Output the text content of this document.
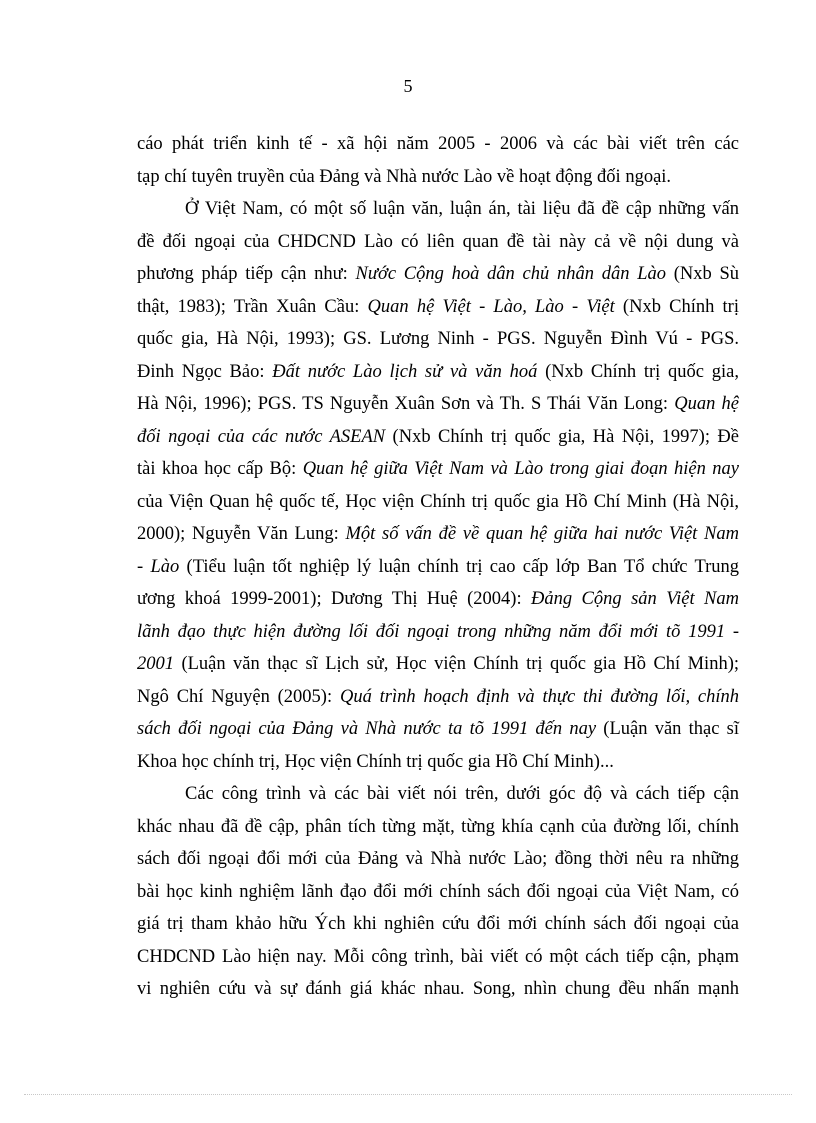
5
cáo phát triển kinh tế - xã hội năm 2005 - 2006 và các bài viết trên các
tạp chí tuyên truyền của Đảng và Nhà nước Lào về hoạt động đối ngoại.
Ở Việt Nam, có một số luận văn, luận án, tài liệu đã đề cập những vấn
đề đối ngoại của CHDCND Lào có liên quan đề tài này cả về nội dung và
phương pháp tiếp cận như: Nước Cộng hoà dân chủ nhân dân Lào (Nxb Sù
thật, 1983); Trần Xuân Cầu: Quan hệ Việt - Lào, Lào - Việt (Nxb Chính trị
quốc gia, Hà Nội, 1993); GS. Lương Ninh - PGS. Nguyễn Đình Vú - PGS.
Đinh Ngọc Bảo: Đất nước Lào lịch sử và văn hoá (Nxb Chính trị quốc gia,
Hà Nội, 1996); PGS. TS Nguyễn Xuân Sơn và Th. S Thái Văn Long: Quan hệ
đối ngoại của các nước ASEAN (Nxb Chính trị quốc gia, Hà Nội, 1997); Đề
tài khoa học cấp Bộ: Quan hệ giữa Việt Nam và Lào trong giai đoạn hiện nay
của Viện Quan hệ quốc tế, Học viện Chính trị quốc gia Hồ Chí Minh (Hà Nội,
2000); Nguyễn Văn Lung: Một số vấn đề về quan hệ giữa hai nước Việt Nam
- Lào (Tiểu luận tốt nghiệp lý luận chính trị cao cấp lớp Ban Tổ chức Trung
ương khoá 1999-2001); Dương Thị Huệ (2004): Đảng Cộng sản Việt Nam
lãnh đạo thực hiện đường lối đối ngoại trong những năm đổi mới tõ 1991 -
2001 (Luận văn thạc sĩ Lịch sử, Học viện Chính trị quốc gia Hồ Chí Minh);
Ngô Chí Nguyện (2005): Quá trình hoạch định và thực thi đường lối, chính
sách đối ngoại của Đảng và Nhà nước ta tõ 1991 đến nay (Luận văn thạc sĩ
Khoa học chính trị, Học viện Chính trị quốc gia Hồ Chí Minh)...
Các công trình và các bài viết nói trên, dưới góc độ và cách tiếp cận
khác nhau đã đề cập, phân tích từng mặt, từng khía cạnh của đường lối, chính
sách đối ngoại đổi mới của Đảng và Nhà nước Lào; đồng thời nêu ra những
bài học kinh nghiệm lãnh đạo đổi mới chính sách đối ngoại của Việt Nam, có
giá trị tham khảo hữu Ých khi nghiên cứu đổi mới chính sách đối ngoại của
CHDCND Lào hiện nay. Mỗi công trình, bài viết có một cách tiếp cận, phạm
vi nghiên cứu và sự đánh giá khác nhau. Song, nhìn chung đều nhấn mạnh
